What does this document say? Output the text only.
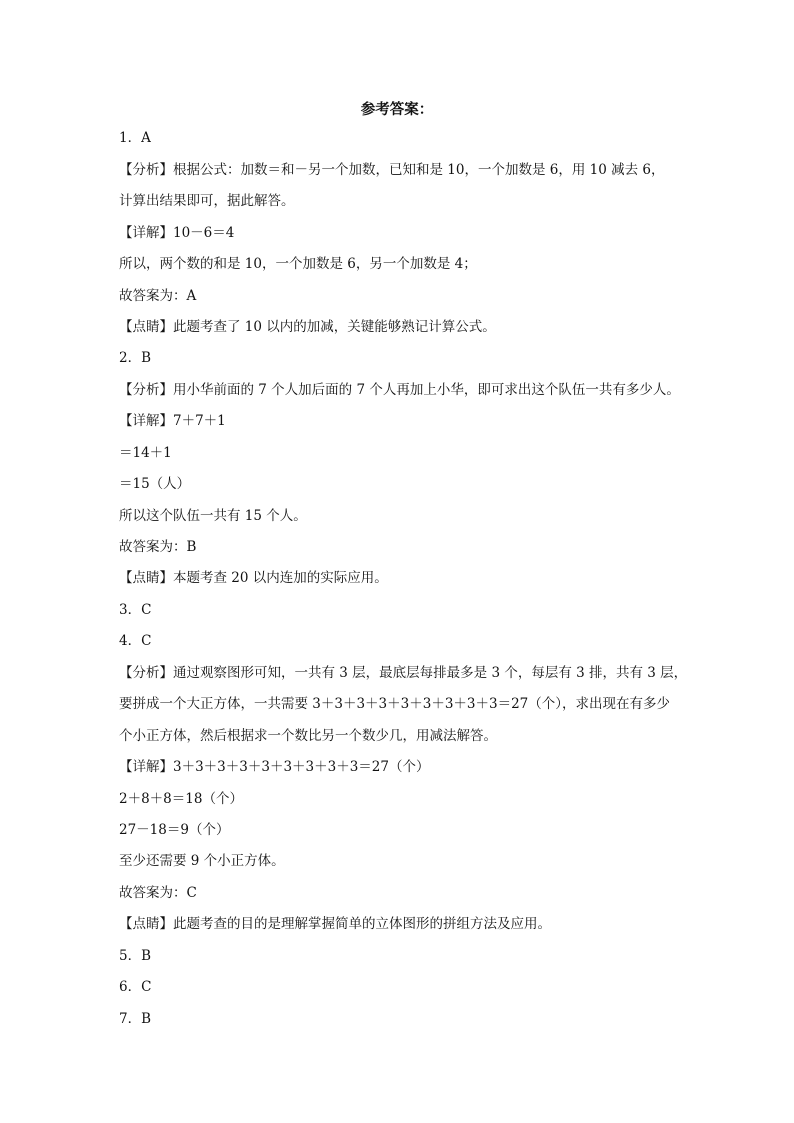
参考答案：
1．A
【分析】根据公式：加数＝和－另一个加数，已知和是 10，一个加数是 6，用 10 减去 6，
计算出结果即可，据此解答。
【详解】10－6＝4
所以，两个数的和是 10，一个加数是 6，另一个加数是 4；
故答案为：A
【点睛】此题考查了 10 以内的加减，关键能够熟记计算公式。
2．B
【分析】用小华前面的 7 个人加后面的 7 个人再加上小华，即可求出这个队伍一共有多少人。
【详解】7＋7＋1
＝14＋1
＝15（人）
所以这个队伍一共有 15 个人。
故答案为：B
【点睛】本题考查 20 以内连加的实际应用。
3．C
4．C
【分析】通过观察图形可知，一共有 3 层，最底层每排最多是 3 个，每层有 3 排，共有 3 层，
要拼成一个大正方体，一共需要 3＋3＋3＋3＋3＋3＋3＋3＋3＝27（个），求出现在有多少
个小正方体，然后根据求一个数比另一个数少几，用减法解答。
【详解】3＋3＋3＋3＋3＋3＋3＋3＋3＝27（个）
2＋8＋8＝18（个）
27－18＝9（个）
至少还需要 9 个小正方体。
故答案为：C
【点睛】此题考查的目的是理解掌握简单的立体图形的拼组方法及应用。
5．B
6．C
7．B
